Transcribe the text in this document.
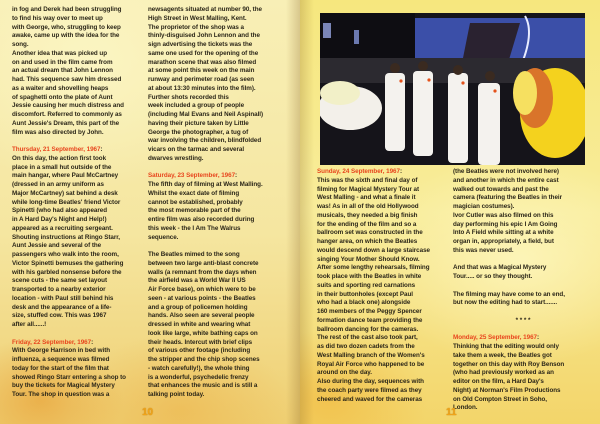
in fog and Derek had been struggling
to find his way over to meet up
with George, who, struggling to keep
awake, came up with the idea for the
song.
Another idea that was picked up
on and used in the film came from
an actual dream that John Lennon
had. This sequence saw him dressed
as a waiter and shovelling heaps
of spaghetti onto the plate of Aunt
Jessie causing her much distress and
discomfort. Referred to commonly as
Aunt Jessie's Dream, this part of the
film was also directed by John.
Thursday, 21 September, 1967:
On this day, the action first took
place in a small hut outside of the
main hangar, where Paul McCartney
(dressed in an army uniform as
Major McCartney) sat behind a desk
while long-time Beatles' friend Victor
Spinetti (who had also appeared
in A Hard Day's Night and Help!)
appeared as a recruiting sergeant.
Shouting instructions at Ringo Starr,
Aunt Jessie and several of the
passengers who walk into the room,
Victor Spinetti bemuses the gathering
with his garbled nonsense before the
scene cuts - the same set layout
transported to a nearby exterior
location - with Paul still behind his
desk and the appearance of a life-
size, stuffed cow. This was 1967
after all......!
Friday, 22 September, 1967:
With George Harrison in bed with
influenza, a sequence was filmed
today for the start of the film that
showed Ringo Starr entering a shop to
buy the tickets for Magical Mystery
Tour. The shop in question was a
newsagents situated at number 90, the
High Street in West Malling, Kent.
The proprietor of the shop was a
thinly-disguised John Lennon and the
sign advertising the tickets was the
same one used for the opening of the
marathon scene that was also filmed
at some point this week on the main
runway and perimeter road (as seen
at about 13:30 minutes into the film).
Further shots recorded this
week included a group of people
(including Mal Evans and Neil Aspinall)
having their picture taken by Little
George the photographer, a tug of
war involving the children, blindfolded
vicars on the tarmac and several
dwarves wrestling.
Saturday, 23 September, 1967:
The fifth day of filming at West Malling.
Whilst the exact date of filming
cannot be established, probably
the most memorable part of the
entire film was also recorded during
this week - the I Am The Walrus
sequence.
The Beatles mimed to the song
between two large anti-blast concrete
walls (a remnant from the days when
the airfield was a World War II US
Air Force base), on which were to be
seen - at various points - the Beatles
and a group of policemen holding
hands. Also seen are several people
dressed in white and wearing what
look like large, white bathing caps on
their heads. Intercut with brief clips
of various other footage (including
the stripper and the chip shop scenes
- watch carefully!), the whole thing
is a wonderful, psychedelic frenzy
that enhances the music and is still a
talking point today.
10
Sunday, 24 September, 1967:
This was the sixth and final day of
filming for Magical Mystery Tour at
West Malling - and what a finale it
was! As in all of the old Hollywood
musicals, they needed a big finish
for the ending of the film and so a
ballroom set was constructed in the
hanger area, on which the Beatles
would descend down a large staircase
singing Your Mother Should Know.
After some lengthy rehearsals, filming
took place with the Beatles in white
suits and sporting red carnations
in their buttonholes (except Paul
who had a black one) alongside
160 members of the Peggy Spencer
formation dance team providing the
ballroom dancing for the cameras.
The rest of the cast also took part,
as did two dozen cadets from the
West Malling branch of the Women's
Royal Air Force who happened to be
around on the day.
Also during the day, sequences with
the coach party were filmed as they
cheered and waved for the cameras
(the Beatles were not involved here)
and another in which the entire cast
walked out towards and past the
camera (featuring the Beatles in their
magician costumes).
Ivor Cutler was also filmed on this
day performing his epic I Am Going
Into A Field while sitting at a white
organ in, appropriately, a field, but
this was never used.
And that was a Magical Mystery
Tour..... or so they thought.
The filming may have come to an end,
but now the editing had to start.......
* * * *
Monday, 25 September, 1967:
Thinking that the editing would only
take them a week, the Beatles got
together on this day with Roy Benson
(who had previously worked as an
editor on the film, a Hard Day's
Night) at Norman's Film Productions
on Old Compton Street in Soho,
London.
11
